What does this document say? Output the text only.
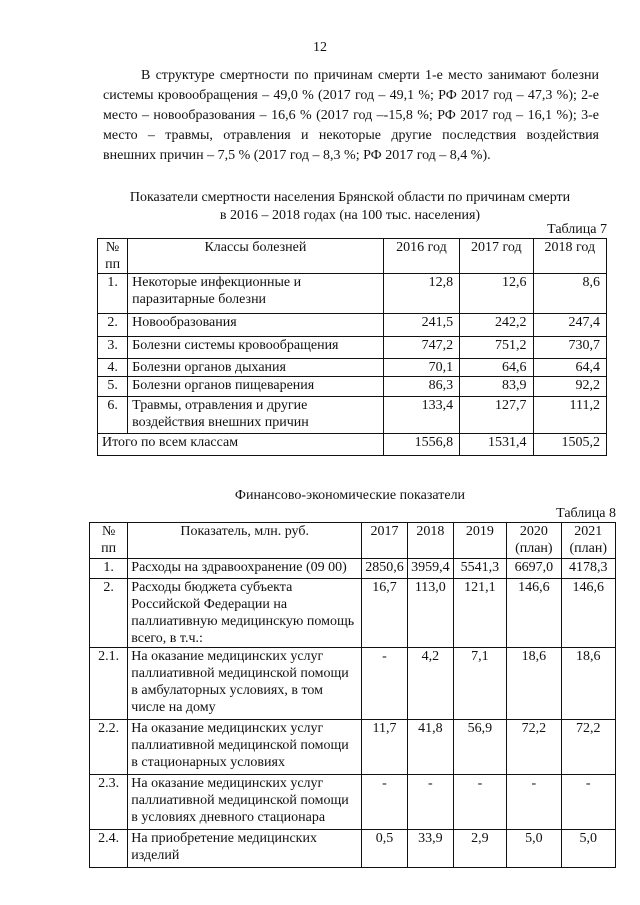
12

В структуре смертности по причинам смерти 1-е место занимают болезни системы кровообращения – 49,0 % (2017 год – 49,1 %; РФ 2017 год – 47,3 %); 2-е место – новообразования – 16,6 % (2017 год –-15,8 %; РФ 2017 год – 16,1 %); 3-е место – травмы, отравления и некоторые другие последствия воздействия внешних причин – 7,5 % (2017 год – 8,3 %; РФ 2017 год – 8,4 %).

Показатели смертности населения Брянской области по причинам смерти
в 2016 – 2018 годах (на 100 тыс. населения)
Таблица 7
№ пп	Классы болезней	2016 год	2017 год	2018 год
1.	Некоторые инфекционные и паразитарные болезни	12,8	12,6	8,6
2.	Новообразования	241,5	242,2	247,4
3.	Болезни системы кровообращения	747,2	751,2	730,7
4.	Болезни органов дыхания	70,1	64,6	64,4
5.	Болезни органов пищеварения	86,3	83,9	92,2
6.	Травмы, отравления и другие воздействия внешних причин	133,4	127,7	111,2
Итого по всем классам		1556,8	1531,4	1505,2
Финансово-экономические показатели
Таблица 8
№ пп	Показатель, млн. руб.	2017	2018	2019	2020 (план)	2021 (план)
1.	Расходы на здравоохранение (09 00)	2850,6	3959,4	5541,3	6697,0	4178,3
2.	Расходы бюджета субъекта Российской Федерации на паллиативную медицинскую помощь всего, в т.ч.:	16,7	113,0	121,1	146,6	146,6
2.1.	На оказание медицинских услуг паллиативной медицинской помощи в амбулаторных условиях, в том числе на дому	-	4,2	7,1	18,6	18,6
2.2.	На оказание медицинских услуг паллиативной медицинской помощи в стационарных условиях	11,7	41,8	56,9	72,2	72,2
2.3.	На оказание медицинских услуг паллиативной медицинской помощи в условиях дневного стационара	-	-	-	-	-
2.4.	На приобретение медицинских изделий	0,5	33,9	2,9	5,0	5,0
